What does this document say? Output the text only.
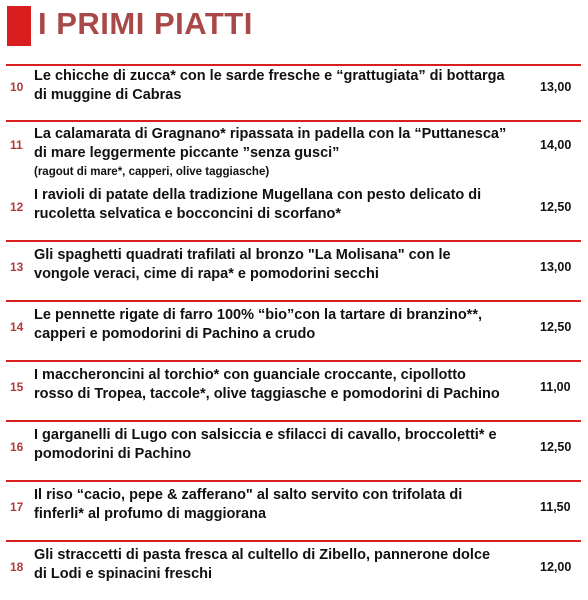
I PRIMI PIATTI
10
Le chicche di zucca* con le sarde fresche e “grattugiata” di bottarga
di muggine di Cabras	13,00
11
La calamarata di Gragnano* ripassata in padella con la “Puttanesca”
di mare leggermente piccante ”senza gusci”
(ragout di mare*, capperi, olive taggiasche)
14,00
12
I ravioli di patate della tradizione Mugellana con pesto delicato di
rucoletta selvatica e bocconcini di scorfano*	12,50
13
Gli spaghetti quadrati trafilati al bronzo "La Molisana" con le
vongole veraci, cime di rapa* e pomodorini secchi	13,00
14
Le pennette rigate di farro 100% “bio”con la tartare di branzino**,
capperi e pomodorini di Pachino a crudo	12,50
15
I maccheroncini al torchio* con guanciale croccante, cipollotto
rosso di Tropea, taccole*, olive taggiasche e pomodorini di Pachino	11,00
16
I garganelli di Lugo con salsiccia e sfilacci di cavallo, broccoletti* e
pomodorini di Pachino	12,50
17
Il riso “cacio, pepe & zafferano" al salto servito con trifolata di
finferli* al profumo di maggiorana	11,50
18
Gli straccetti di pasta fresca al cultello di Zibello, pannerone dolce
di Lodi e spinacini freschi	12,00
